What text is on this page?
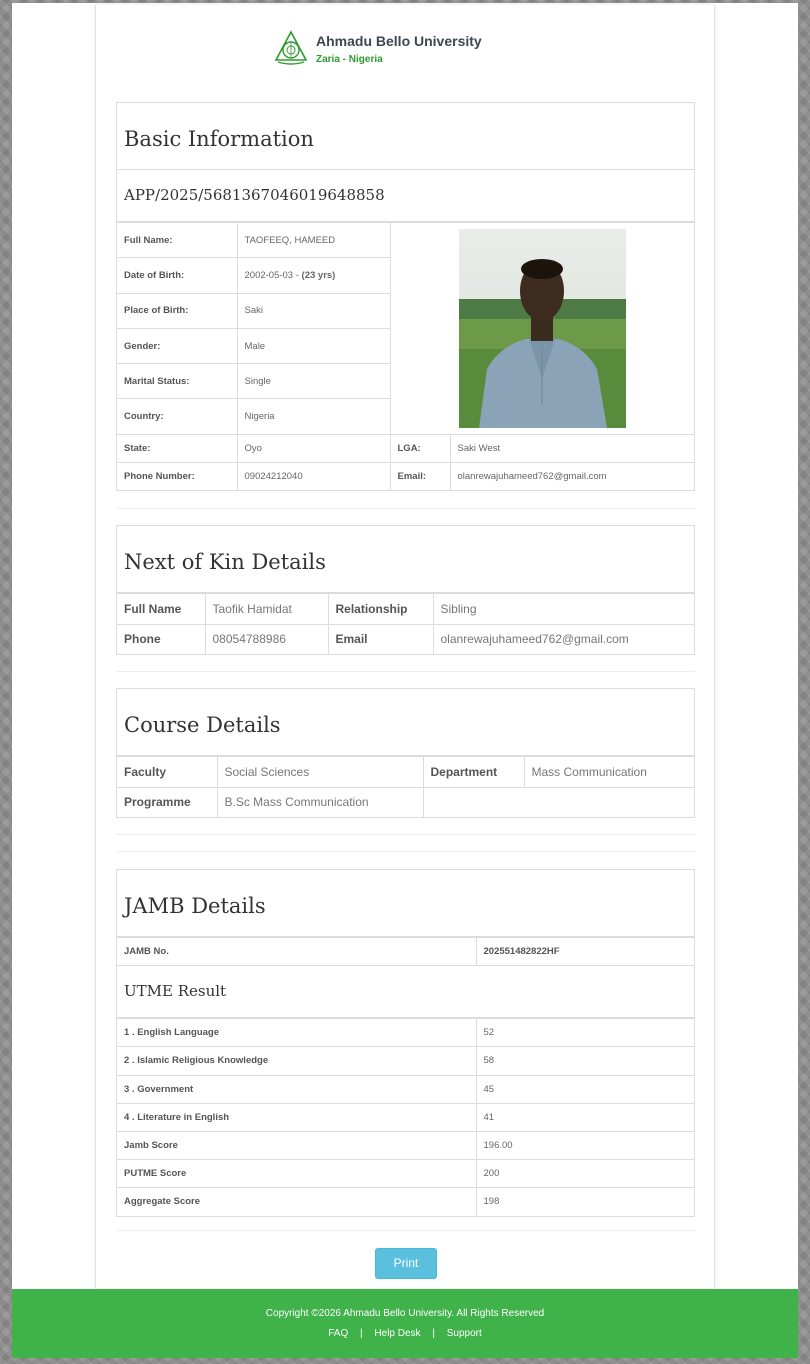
Ahmadu Bello University
Zaria - Nigeria
Basic Information
APP/2025/5681367046019648858
Full Name:	TAOFEEQ, HAMEED	

Date of Birth:	2002-05-03 - (23 yrs)		
Place of Birth:	Saki		
Gender:	Male		
Marital Status:	Single		
Country:	Nigeria		
State:	Oyo	LGA:	Saki West
Phone Number:	09024212040	Email:	olanrewajuhameed762@gmail.com
Next of Kin Details
Full Name	Taofik Hamidat	Relationship	Sibling
Phone	08054788986	Email	olanrewajuhameed762@gmail.com
Course Details
Faculty	Social Sciences	Department	Mass Communication
Programme	B.Sc Mass Communication		
JAMB Details
JAMB No.	202551482822HF
UTME Result
1 . English Language	52
2 . Islamic Religious Knowledge	58
3 . Government	45
4 . Literature in English	41
Jamb Score	196.00
PUTME Score	200
Aggregate Score	198
Print
Copyright ©2026 Ahmadu Bello University. All Rights Reserved
FAQ | Help Desk | Support
